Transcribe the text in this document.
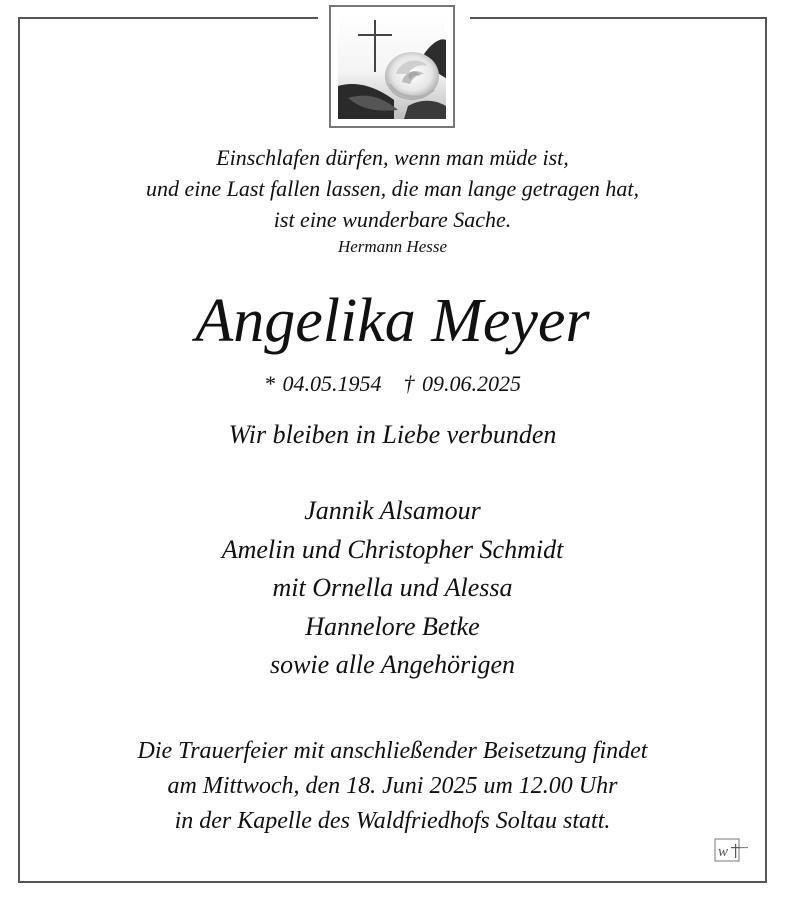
Einschlafen dürfen, wenn man müde ist,
und eine Last fallen lassen, die man lange getragen hat,
ist eine wunderbare Sache.
Hermann Hesse
Angelika Meyer
* 04.05.1954 † 09.06.2025
Wir bleiben in Liebe verbunden
Jannik Alsamour
Amelin und Christopher Schmidt
mit Ornella und Alessa
Hannelore Betke
sowie alle Angehörigen
Die Trauerfeier mit anschließender Beisetzung findet
am Mittwoch, den 18. Juni 2025 um 12.00 Uhr
in der Kapelle des Waldfriedhofs Soltau statt.
w
